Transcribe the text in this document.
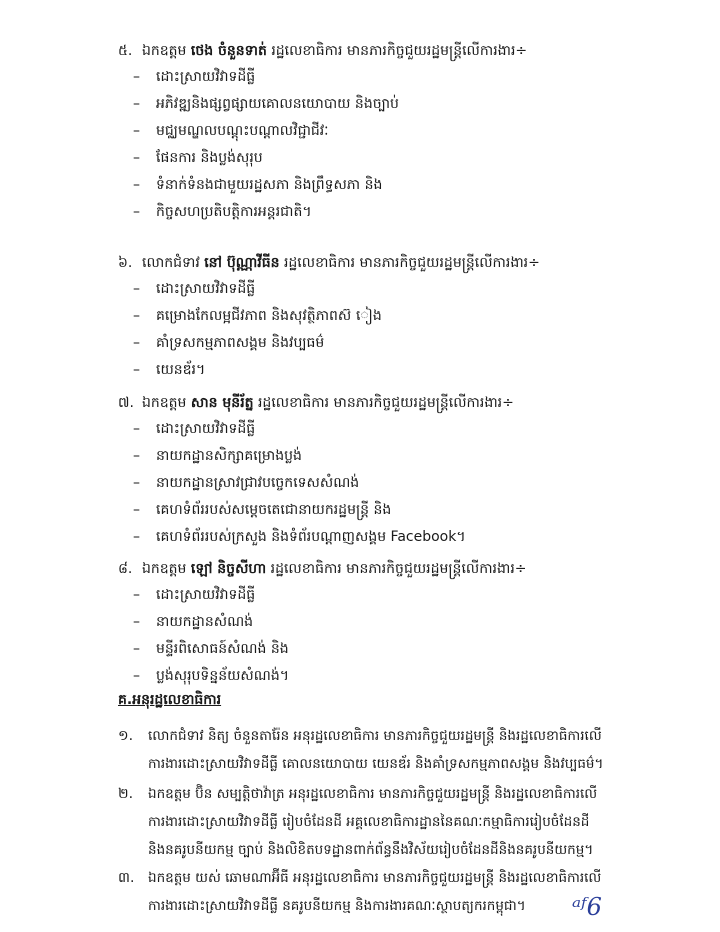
៥. ឯកឧត្តម ថេង ចំនួនទាត់ រដ្ឋលេខាធិការ មានភារកិច្ចជួយរដ្ឋមន្ត្រីលើការងារ÷
– ដោះស្រាយវិវាទដីធ្លី
– អភិវឌ្ឍនិងផ្សព្វផ្សាយគោលនយោបាយ និងច្បាប់
– មជ្ឈមណ្ឌលបណ្ដុះបណ្ដាលវិជ្ជាជីវៈ
– ផែនការ និងប្លង់សុរុប
– ទំនាក់ទំនងជាមួយរដ្ឋសភា និងព្រឹទ្ធសភា និង
– កិច្ចសហប្រតិបត្តិការអន្តរជាតិ។
៦. លោកជំទាវ នៅ ប៊ុណ្ណាវីធីន រដ្ឋលេខាធិការ មានភារកិច្ចជួយរដ្ឋមន្ត្រីលើការងារ÷
– ដោះស្រាយវិវាទដីធ្លី
– គម្រោងកែលម្អជីវភាព និងសុវត្ថិភាពស៊ ៀង
– គាំទ្រសកម្មភាពសង្គម និងវប្បធម៌
– យេនឌ័រ។
៧. ឯកឧត្តម សាន មុនីរ័ត្ន រដ្ឋលេខាធិការ មានភារកិច្ចជួយរដ្ឋមន្ត្រីលើការងារ÷
– ដោះស្រាយវិវាទដីធ្លី
– នាយកដ្ឋានសិក្សាគម្រោងប្លង់
– នាយកដ្ឋានស្រាវជ្រាវបច្ចេកទេសសំណង់
– គេហទំព័ររបស់សម្ដេចតេជោនាយករដ្ឋមន្ត្រី និង
– គេហទំព័ររបស់ក្រសួង និងទំព័របណ្ដាញសង្គម Facebook។
៨. ឯកឧត្តម ឡៅ និច្ចសីហា រដ្ឋលេខាធិការ មានភារកិច្ចជួយរដ្ឋមន្ត្រីលើការងារ÷
– ដោះស្រាយវិវាទដីធ្លី
– នាយកដ្ឋានសំណង់
– មន្ទីរពិសោធន៍សំណង់ និង
– ប្លង់សុរុបទិន្នន័យសំណង់។
គ.អនុរដ្ឋលេខាធិការ
១. លោកជំទាវ និត្យ ចំនួនតារ៉ែន អនុរដ្ឋលេខាធិការ មានភារកិច្ចជួយរដ្ឋមន្ត្រី និងរដ្ឋលេខាធិការលើ
ការងារដោះស្រាយវិវាទដីធ្លី គោលនយោបាយ យេនឌ័រ និងគាំទ្រសកម្មភាពសង្គម និងវប្បធម៌។
២. ឯកឧត្តម ប៊ិន សម្បត្តិថាវ៉ាត្រ អនុរដ្ឋលេខាធិការ មានភារកិច្ចជួយរដ្ឋមន្ត្រី និងរដ្ឋលេខាធិការលើ
ការងារដោះស្រាយវិវាទដីធ្លី រៀបចំដែនដី អគ្គលេខាធិការដ្ឋាននៃគណៈកម្មាធិការរៀបចំដែនដី
និងនគរូបនីយកម្ម ច្បាប់ និងលិខិតបទដ្ឋានពាក់ព័ន្ធនឹងវិស័យរៀបចំដែនដីនិងនគរូបនីយកម្ម។
៣. ឯកឧត្តម យស់ ឆោមណាអ៊ីធី អនុរដ្ឋលេខាធិការ មានភារកិច្ចជួយរដ្ឋមន្ត្រី និងរដ្ឋលេខាធិការលើ
ការងារដោះស្រាយវិវាទដីធ្លី នគរូបនីយកម្ម និងការងារគណៈស្ថាបត្យករកម្ពុជា។	ᵃᶠ6
